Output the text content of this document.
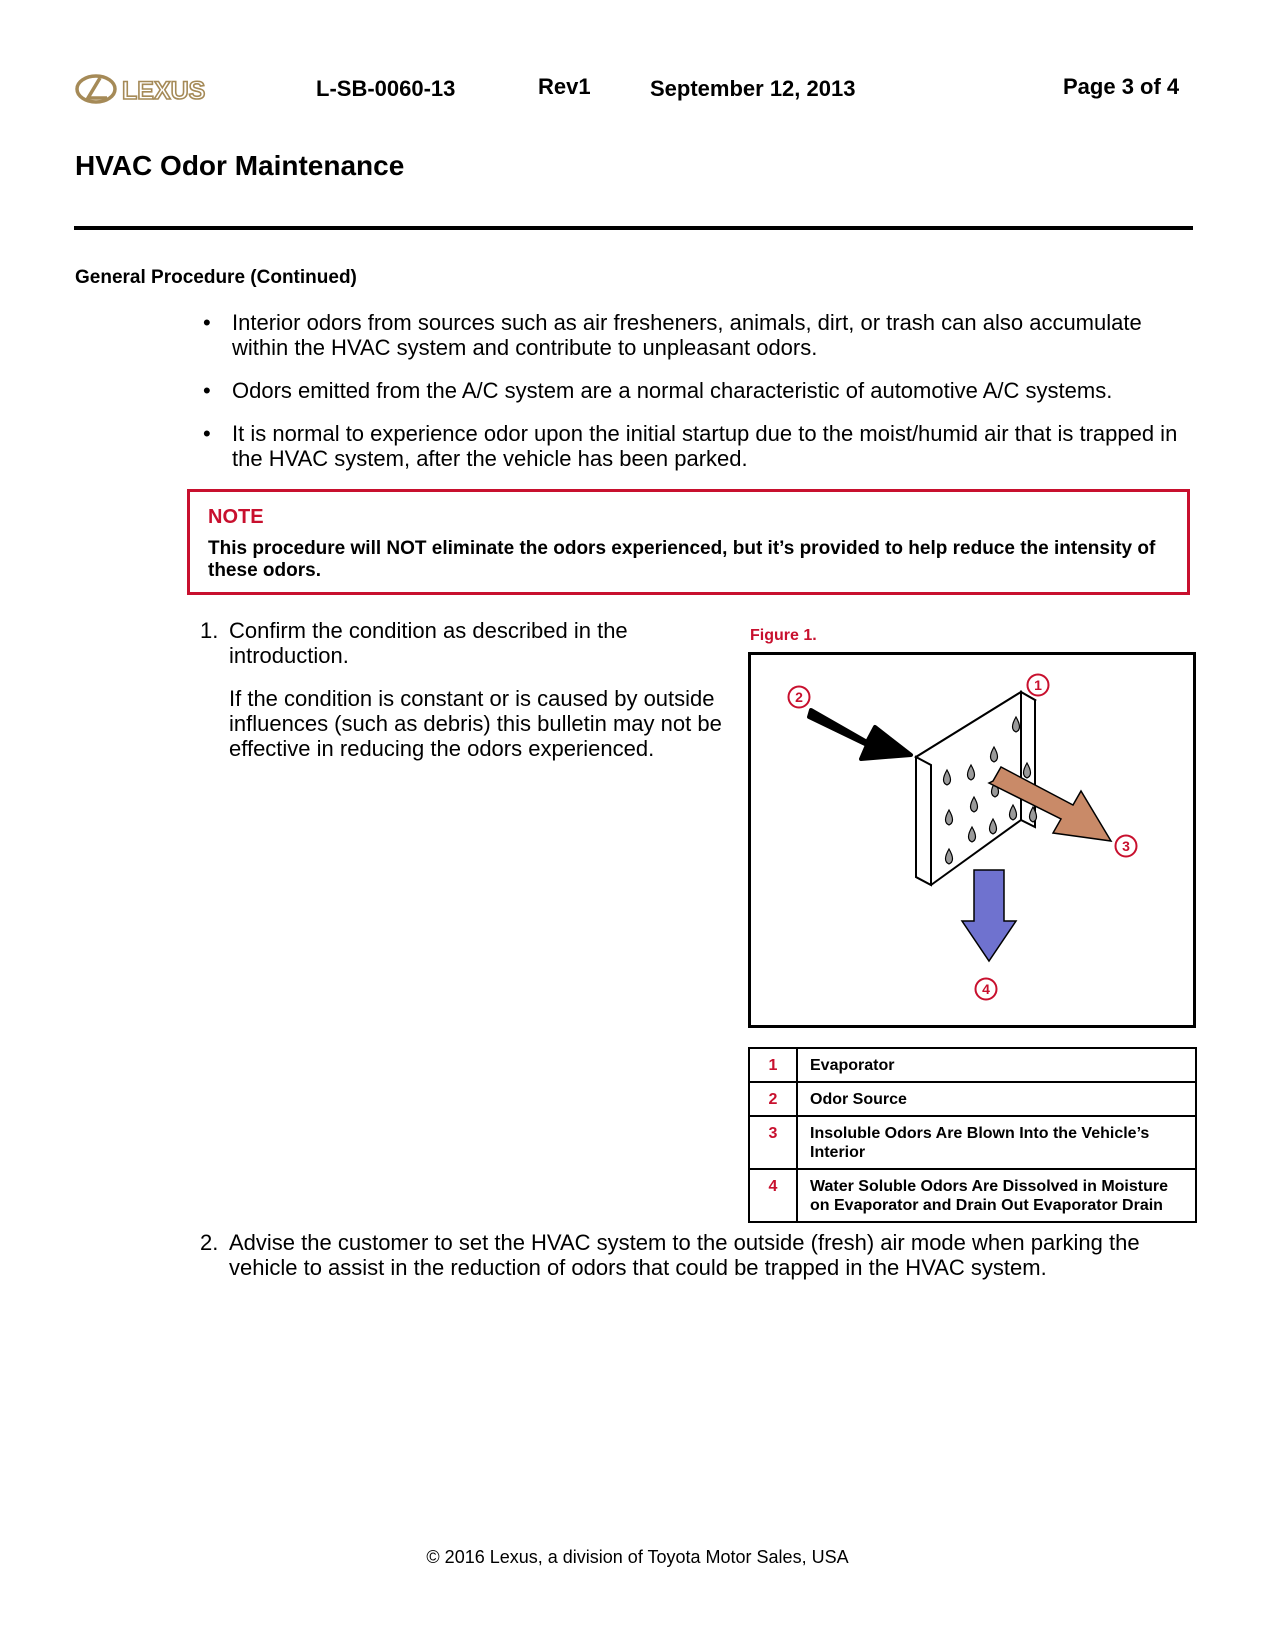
LEXUS	L-SB-0060-13	Rev1	September 12, 2013	Page 3 of 4
HVAC Odor Maintenance
General Procedure (Continued)
• Interior odors from sources such as air fresheners, animals, dirt, or trash can also accumulate within the HVAC system and contribute to unpleasant odors.
• Odors emitted from the A/C system are a normal characteristic of automotive A/C systems.
• It is normal to experience odor upon the initial startup due to the moist/humid air that is trapped in the HVAC system, after the vehicle has been parked.
NOTE
This procedure will NOT eliminate the odors experienced, but it’s provided to help reduce the intensity of these odors.
1. Confirm the condition as described in the introduction.
If the condition is constant or is caused by outside influences (such as debris) this bulletin may not be effective in reducing the odors experienced.
Figure 1.
1
2
3
4
1	Evaporator
2	Odor Source
3	Insoluble Odors Are Blown Into the Vehicle’s Interior
4	Water Soluble Odors Are Dissolved in Moisture on Evaporator and Drain Out Evaporator Drain
2. Advise the customer to set the HVAC system to the outside (fresh) air mode when parking the vehicle to assist in the reduction of odors that could be trapped in the HVAC system.
© 2016 Lexus, a division of Toyota Motor Sales, USA
